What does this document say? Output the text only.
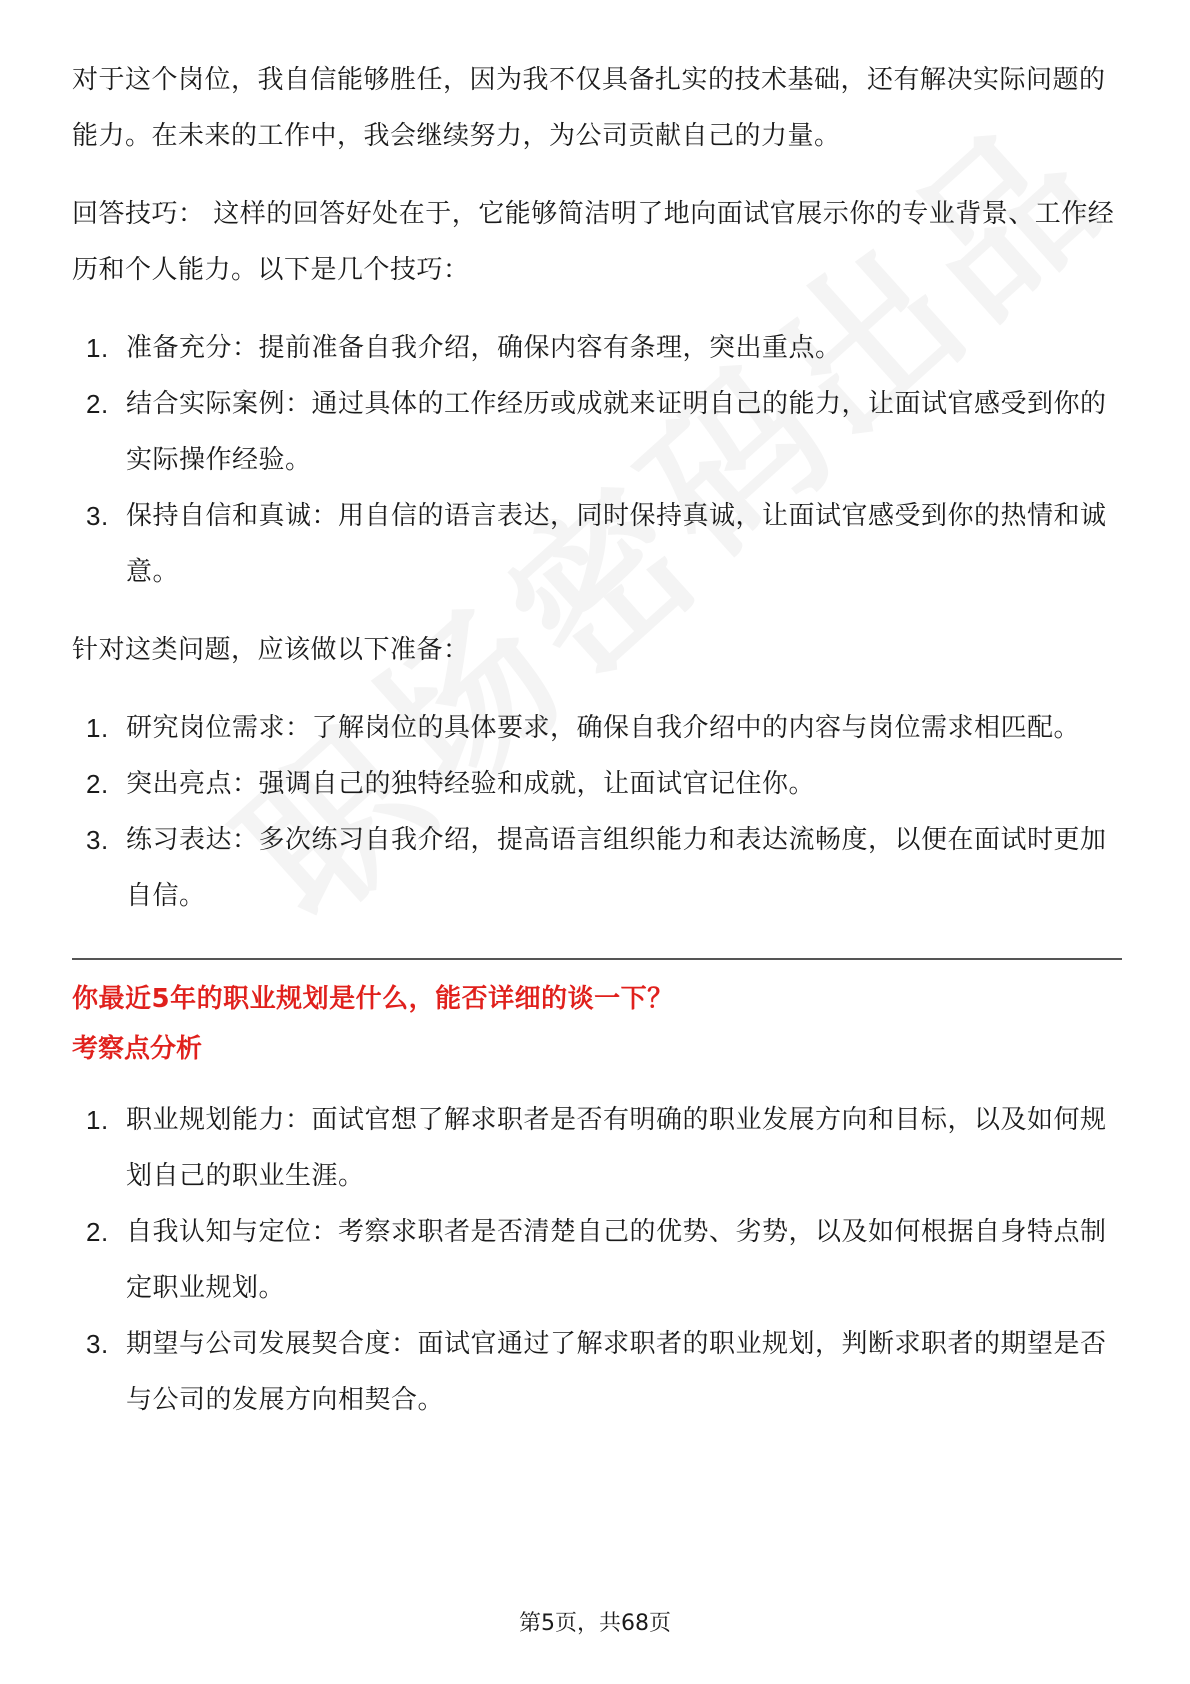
对于这个岗位，我自信能够胜任，因为我不仅具备扎实的技术基础，还有解决实际问题的能力。在未来的工作中，我会继续努力，为公司贡献自己的力量。

回答技巧： 这样的回答好处在于，它能够简洁明了地向面试官展示你的专业背景、工作经历和个人能力。以下是几个技巧：

1. 准备充分：提前准备自我介绍，确保内容有条理，突出重点。
2. 结合实际案例：通过具体的工作经历或成就来证明自己的能力，让面试官感受到你的实际操作经验。
3. 保持自信和真诚：用自信的语言表达，同时保持真诚，让面试官感受到你的热情和诚意。

针对这类问题，应该做以下准备：

1. 研究岗位需求：了解岗位的具体要求，确保自我介绍中的内容与岗位需求相匹配。
2. 突出亮点：强调自己的独特经验和成就，让面试官记住你。
3. 练习表达：多次练习自我介绍，提高语言组织能力和表达流畅度，以便在面试时更加自信。
你最近5年的职业规划是什么，能否详细的谈一下？
考察点分析
1. 职业规划能力：面试官想了解求职者是否有明确的职业发展方向和目标，以及如何规划自己的职业生涯。
2. 自我认知与定位：考察求职者是否清楚自己的优势、劣势，以及如何根据自身特点制定职业规划。
3. 期望与公司发展契合度：面试官通过了解求职者的职业规划，判断求职者的期望是否与公司的发展方向相契合。
第5页，共68页
